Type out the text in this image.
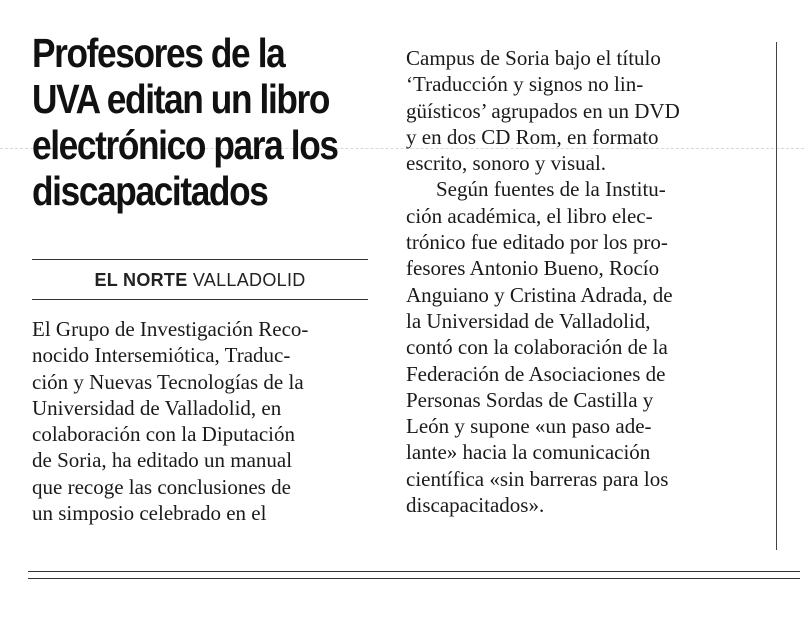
Profesores de la
UVA editan un libro
electrónico para los
discapacitados
EL NORTE VALLADOLID

El Grupo de Investigación Reco-
nocido Intersemiótica, Traduc-
ción y Nuevas Tecnologías de la
Universidad de Valladolid, en
colaboración con la Diputación
de Soria, ha editado un manual
que recoge las conclusiones de
un simposio celebrado en el

Campus de Soria bajo el título
‘Traducción y signos no lin-
güísticos’ agrupados en un DVD
y en dos CD Rom, en formato
escrito, sonoro y visual.
Según fuentes de la Institu-
ción académica, el libro elec-
trónico fue editado por los pro-
fesores Antonio Bueno, Rocío
Anguiano y Cristina Adrada, de
la Universidad de Valladolid,
contó con la colaboración de la
Federación de Asociaciones de
Personas Sordas de Castilla y
León y supone «un paso ade-
lante» hacia la comunicación
científica «sin barreras para los
discapacitados».
